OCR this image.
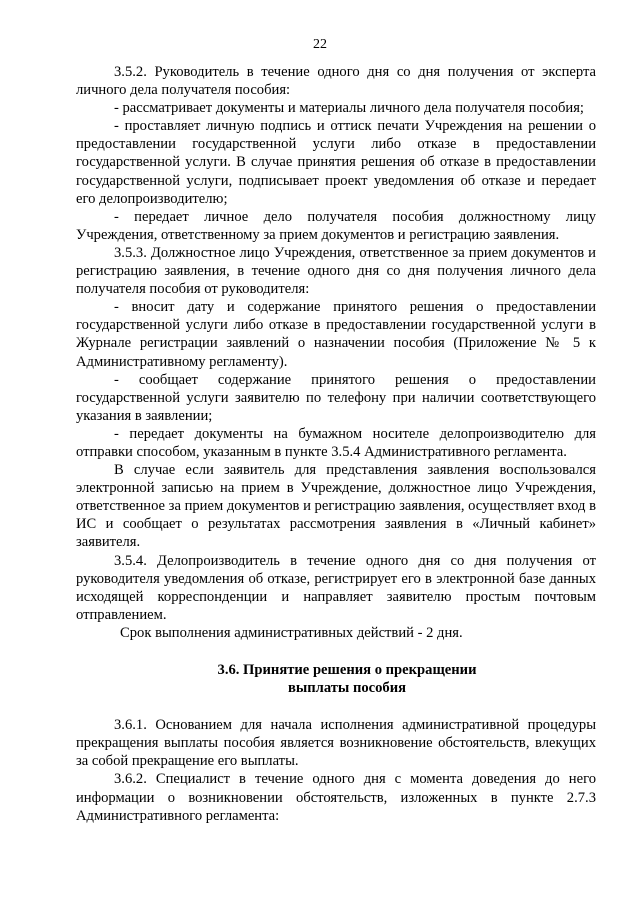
22

3.5.2. Руководитель в течение одного дня со дня получения от эксперта личного дела получателя пособия:

- рассматривает документы и материалы личного дела получателя пособия;

- проставляет личную подпись и оттиск печати Учреждения на решении о предоставлении государственной услуги либо отказе в предоставлении государственной услуги. В случае принятия решения об отказе в предоставлении государственной услуги, подписывает проект уведомления об отказе и передает его делопроизводителю;

- передает личное дело получателя пособия должностному лицу Учреждения, ответственному за прием документов и регистрацию заявления.

3.5.3. Должностное лицо Учреждения, ответственное за прием документов и регистрацию заявления, в течение одного дня со дня получения личного дела получателя пособия от руководителя:

- вносит дату и содержание принятого решения о предоставлении государственной услуги либо отказе в предоставлении государственной услуги в Журнале регистрации заявлений о назначении пособия (Приложение № 5 к Административному регламенту).

- сообщает содержание принятого решения о предоставлении государственной услуги заявителю по телефону при наличии соответствующего указания в заявлении;

- передает документы на бумажном носителе делопроизводителю для отправки способом, указанным в пункте 3.5.4 Административного регламента.

В случае если заявитель для представления заявления воспользовался электронной записью на прием в Учреждение, должностное лицо Учреждения, ответственное за прием документов и регистрацию заявления, осуществляет вход в ИС и сообщает о результатах рассмотрения заявления в «Личный кабинет» заявителя.

3.5.4. Делопроизводитель в течение одного дня со дня получения от руководителя уведомления об отказе, регистрирует его в электронной базе данных исходящей корреспонденции и направляет заявителю простым почтовым отправлением.

Срок выполнения административных действий - 2 дня.

3.6. Принятие решения о прекращении
выплаты пособия

3.6.1. Основанием для начала исполнения административной процедуры прекращения выплаты пособия является возникновение обстоятельств, влекущих за собой прекращение его выплаты.

3.6.2. Специалист в течение одного дня с момента доведения до него информации о возникновении обстоятельств, изложенных в пункте 2.7.3 Административного регламента:
